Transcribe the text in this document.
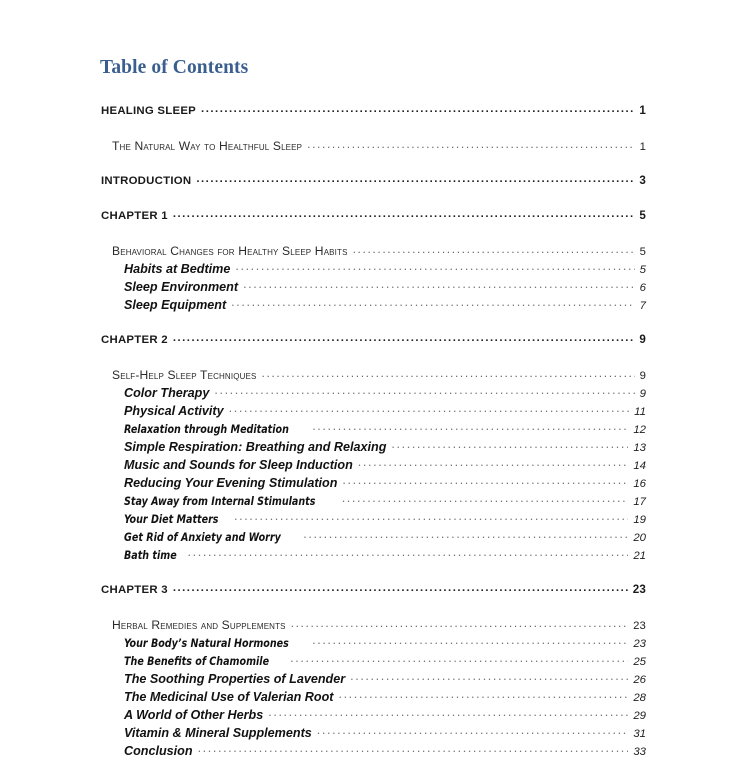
Table of Contents
HEALING SLEEP .....	1
The Natural Way to Healthful Sleep .....	1
INTRODUCTION .....	3
CHAPTER 1 .....	5
Behavioral Changes for Healthy Sleep Habits .....	5
Habits at Bedtime .....	5
Sleep Environment .....	6
Sleep Equipment .....	7
CHAPTER 2 .....	9
Self-Help Sleep Techniques .....	9
Color Therapy .....	9
Physical Activity .....	11
Relaxation through Meditation .....	12
Simple Respiration: Breathing and Relaxing .....	13
Music and Sounds for Sleep Induction .....	14
Reducing Your Evening Stimulation .....	16
Stay Away from Internal Stimulants .....	17
Your Diet Matters .....	19
Get Rid of Anxiety and Worry .....	20
Bath time .....	21
CHAPTER 3 .....	23
Herbal Remedies and Supplements .....	23
Your Body’s Natural Hormones .....	23
The Benefits of Chamomile .....	25
The Soothing Properties of Lavender .....	26
The Medicinal Use of Valerian Root .....	28
A World of Other Herbs .....	29
Vitamin & Mineral Supplements .....	31
Conclusion .....	33
